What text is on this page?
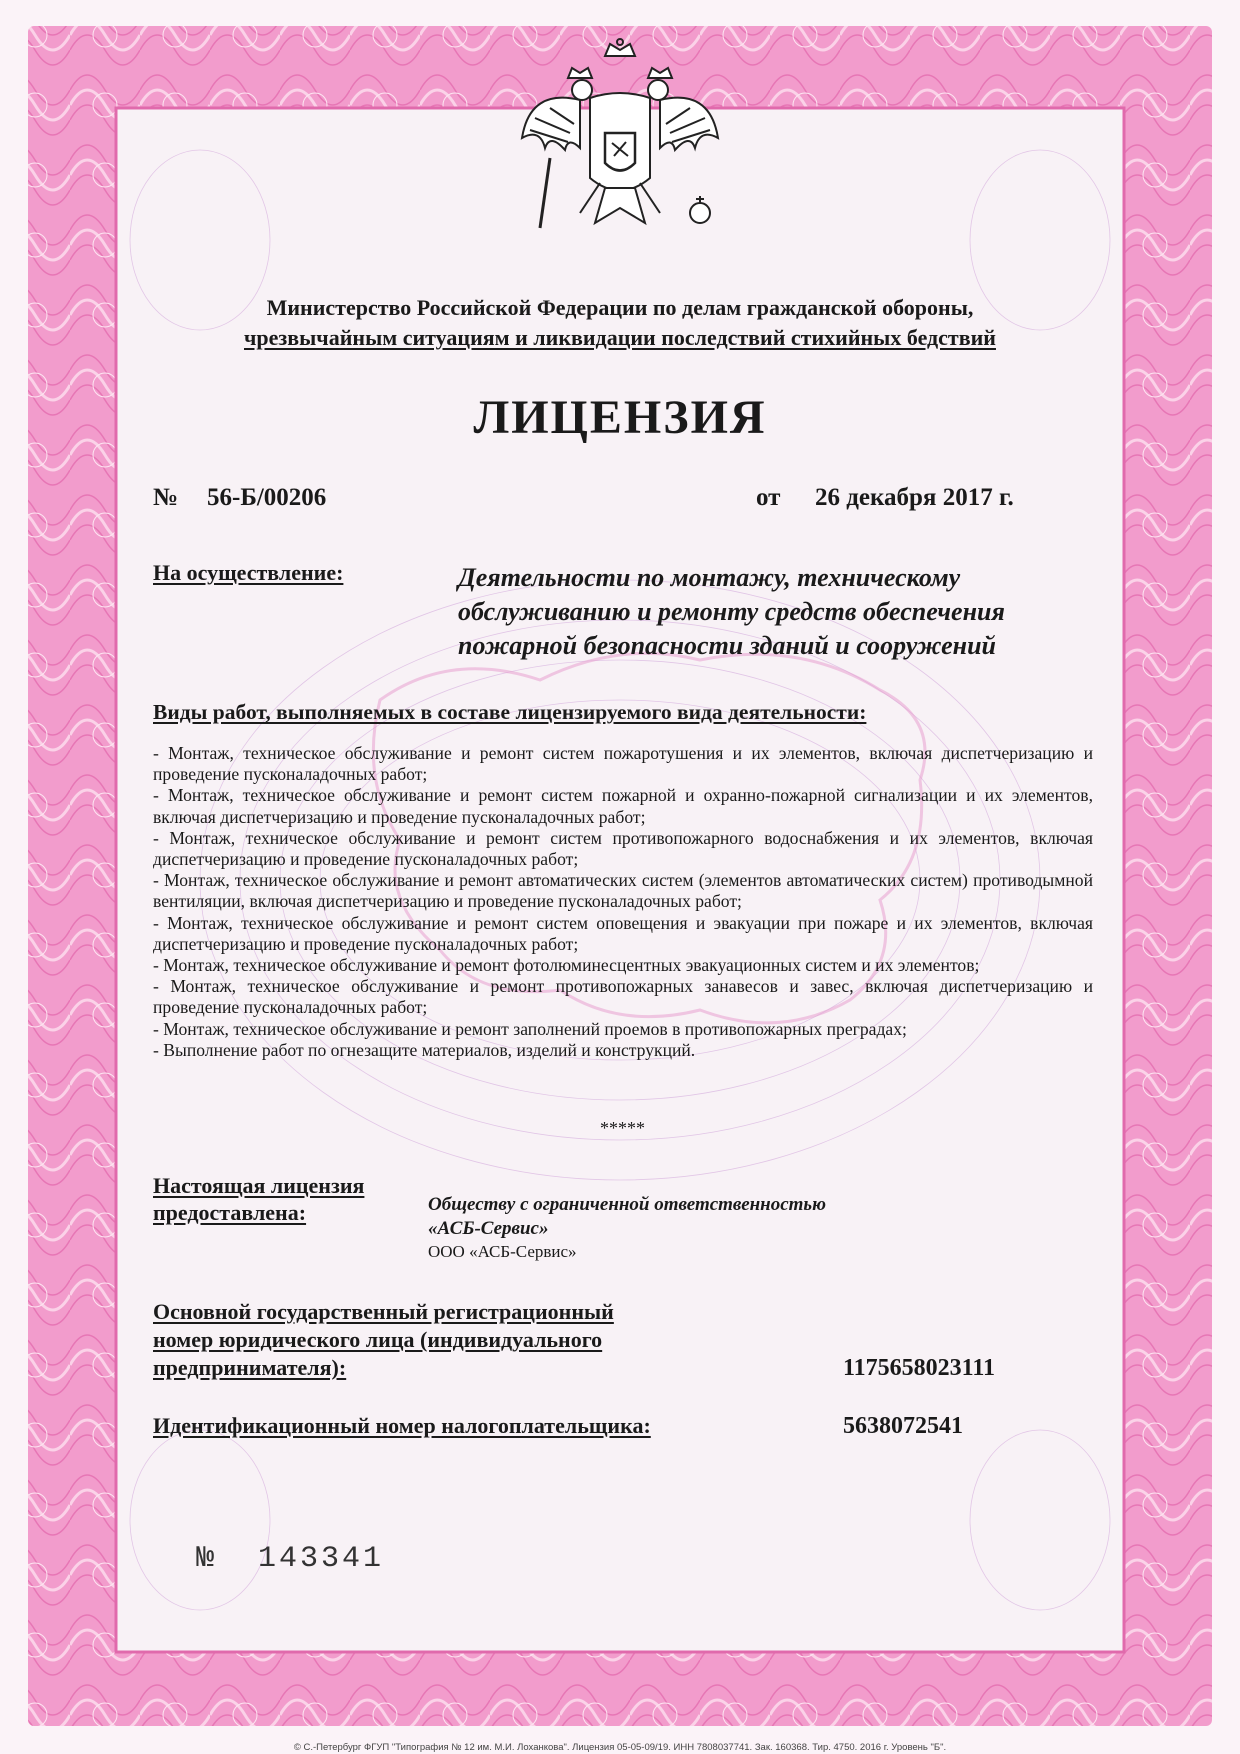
Министерство Российской Федерации по делам гражданской обороны,
чрезвычайным ситуациям и ликвидации последствий стихийных бедствий
ЛИЦЕНЗИЯ
№ 56-Б/00206	от 26 декабря 2017 г.
На осуществление:	Деятельности по монтажу, техническому
обслуживанию и ремонту средств обеспечения
пожарной безопасности зданий и сооружений
Виды работ, выполняемых в составе лицензируемого вида деятельности:

- Монтаж, техническое обслуживание и ремонт систем пожаротушения и их элементов, включая диспетчеризацию и проведение пусконаладочных работ;

- Монтаж, техническое обслуживание и ремонт систем пожарной и охранно-пожарной сигнализации и их элементов, включая диспетчеризацию и проведение пусконаладочных работ;

- Монтаж, техническое обслуживание и ремонт систем противопожарного водоснабжения и их элементов, включая диспетчеризацию и проведение пусконаладочных работ;

- Монтаж, техническое обслуживание и ремонт автоматических систем (элементов автоматических систем) противодымной вентиляции, включая диспетчеризацию и проведение пусконаладочных работ;

- Монтаж, техническое обслуживание и ремонт систем оповещения и эвакуации при пожаре и их элементов, включая диспетчеризацию и проведение пусконаладочных работ;

- Монтаж, техническое обслуживание и ремонт фотолюминесцентных эвакуационных систем и их элементов;

- Монтаж, техническое обслуживание и ремонт противопожарных занавесов и завес, включая диспетчеризацию и проведение пусконаладочных работ;

- Монтаж, техническое обслуживание и ремонт заполнений проемов в противопожарных преградах;

- Выполнение работ по огнезащите материалов, изделий и конструкций.

*****
Настоящая лицензия
предоставлена:	Обществу с ограниченной ответственностью
«АСБ-Сервис»
ООО «АСБ-Сервис»
Основной государственный регистрационный
номер юридического лица (индивидуального
предпринимателя):	1175658023111
Идентификационный номер налогоплательщика:	5638072541
№ 143341
© С.-Петербург ФГУП "Типография № 12 им. М.И. Лоханкова". Лицензия 05-05-09/19. ИНН 7808037741. Зак. 160368. Тир. 4750. 2016 г. Уровень "Б".
